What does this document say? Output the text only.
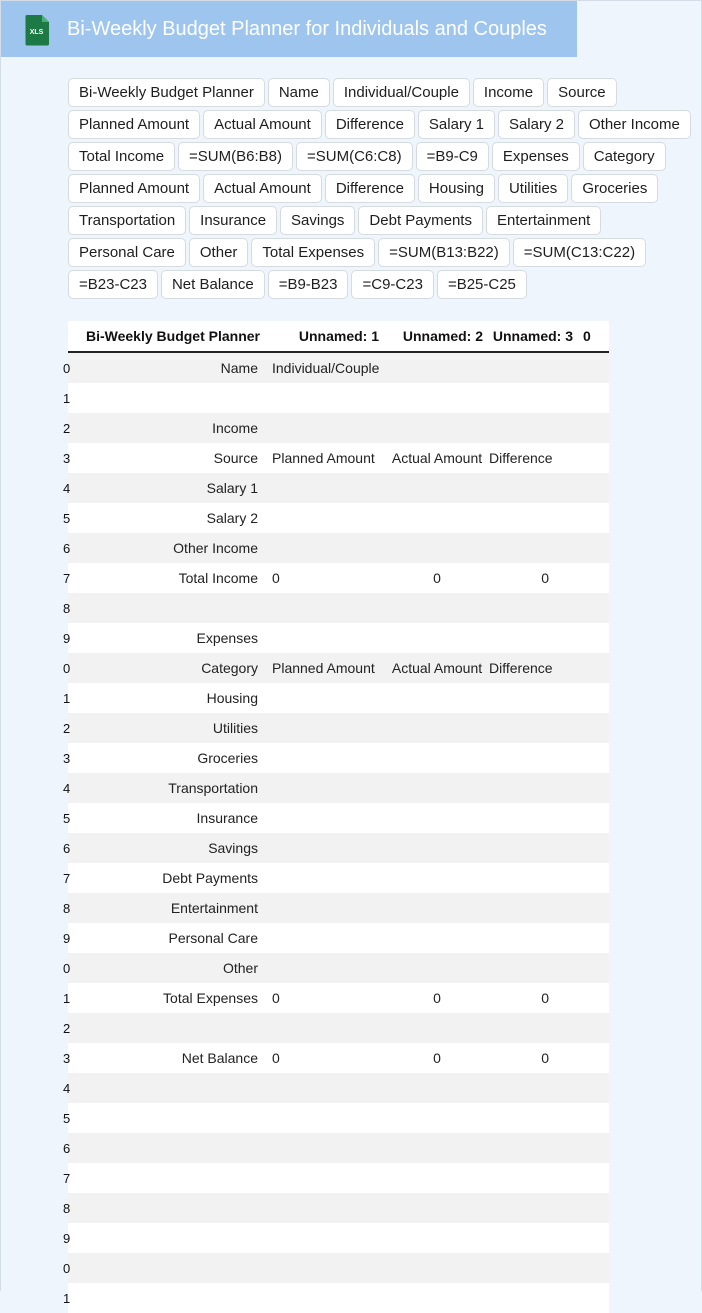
XLS Bi-Weekly Budget Planner for Individuals and Couples
Bi-Weekly Budget Planner	Name	Individual/Couple	Income	Source
Planned Amount	Actual Amount	Difference	Salary 1	Salary 2	Other Income
Total Income	=SUM(B6:B8)	=SUM(C6:C8)	=B9-C9	Expenses	Category
Planned Amount	Actual Amount	Difference	Housing	Utilities	Groceries
Transportation	Insurance	Savings	Debt Payments	Entertainment
Personal Care	Other	Total Expenses	=SUM(B13:B22)	=SUM(C13:C22)
=B23-C23	Net Balance	=B9-B23	=C9-C23	=B25-C25
	Bi-Weekly Budget Planner	Unnamed: 1	Unnamed: 2	Unnamed: 3	0

0	Name	Individual/Couple			

1					

2	Income				

3	Source	Planned Amount	Actual Amount	Difference	

4	Salary 1				

5	Salary 2				

6	Other Income				

7	Total Income	0	0	0	

8					

9	Expenses				

0	Category	Planned Amount	Actual Amount	Difference	

1	Housing				

2	Utilities				

3	Groceries				

4	Transportation				

5	Insurance				

6	Savings				

7	Debt Payments				

8	Entertainment				

9	Personal Care				

0	Other				

1	Total Expenses	0	0	0	

2					

3	Net Balance	0	0	0	

4					

5					

6					

7					

8					

9					

0					

1					
